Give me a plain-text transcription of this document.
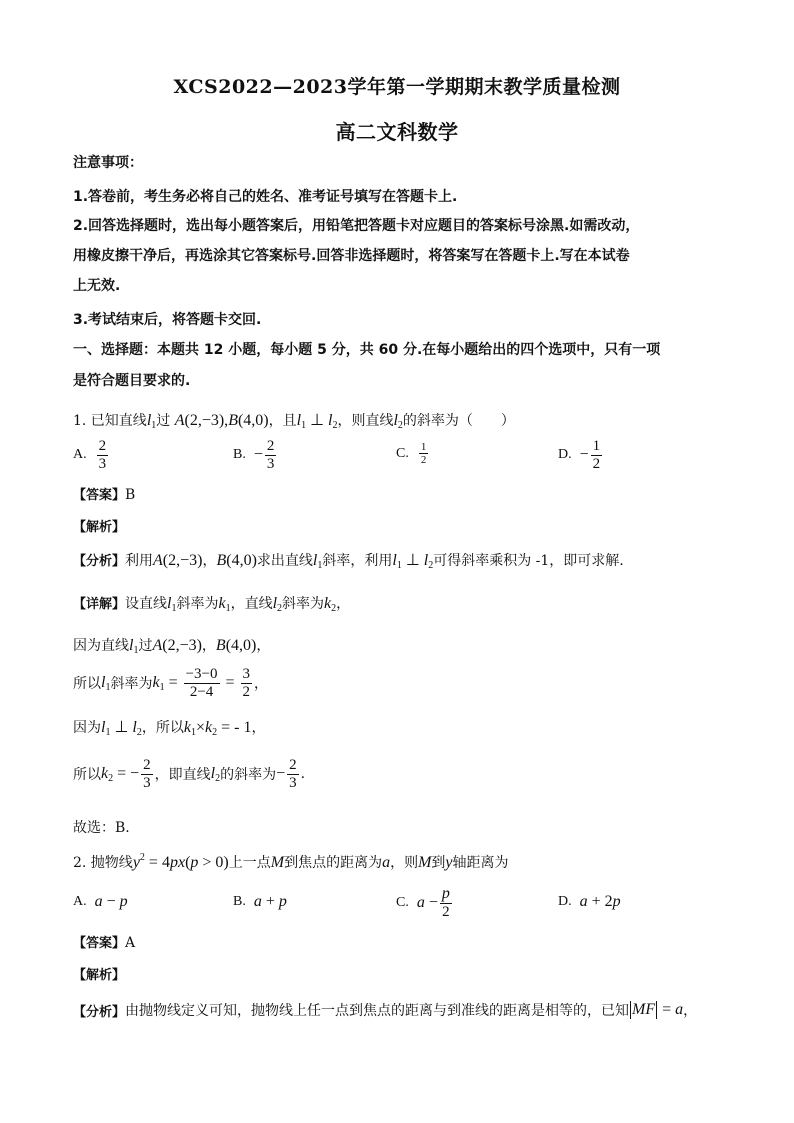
XCS2022—2023学年第一学期期末教学质量检测
高二文科数学
注意事项：
1.答卷前，考生务必将自己的姓名、准考证号填写在答题卡上.
2.回答选择题时，选出每小题答案后，用铅笔把答题卡对应题目的答案标号涂黑.如需改动，
用橡皮擦干净后，再选涂其它答案标号.回答非选择题时，将答案写在答题卡上.写在本试卷
上无效.
3.考试结束后，将答题卡交回.
一、选择题：本题共 12 小题，每小题 5 分，共 60 分.在每小题给出的四个选项中，只有一项
是符合题目要求的.
1. 已知直线$l_1$过 A(2,−3),B(4,0)，且$l_1$ ⊥ $l_2$，则直线$l_2$的斜率为（　　）
A. $\frac{2}{3}$	B. − $\frac{2}{3}$	C. $\frac{1}{2}$	D. − $\frac{1}{2}$
【答案】B
【解析】
【分析】利用A(2,−3)，B(4,0)求出直线$l_1$斜率，利用$l_1$ ⊥ $l_2$可得斜率乘积为 -1，即可求解.
【详解】设直线$l_1$斜率为$k_1$，直线$l_2$斜率为$k_2$，
因为直线$l_1$过A(2,−3)，B(4,0)，
所以 $l_1$ 斜率为 $k_1 = \frac{-3-0}{2-4} = \frac{3}{2}$ ，
因为$l_1$ ⊥ $l_2$，所以$k_1\times k_2$ = - 1，
所以 $k_2$ = − $\frac{2}{3}$ ，即直线 $l_2$ 的斜率为 − $\frac{2}{3}$ .
故选：B.
2. 抛物线$y^2 = 4px(p > 0)$上一点M到焦点的距离为a，则M到y轴距离为
A. a − p	B. a + p	C. $a - \frac{p}{2}$	D. a + 2 p
【答案】A
【解析】
【分析】 由抛物线定义可知，抛物线上任一点到焦点的距离与到准线的距离是相等的，已知 MF = a ，
